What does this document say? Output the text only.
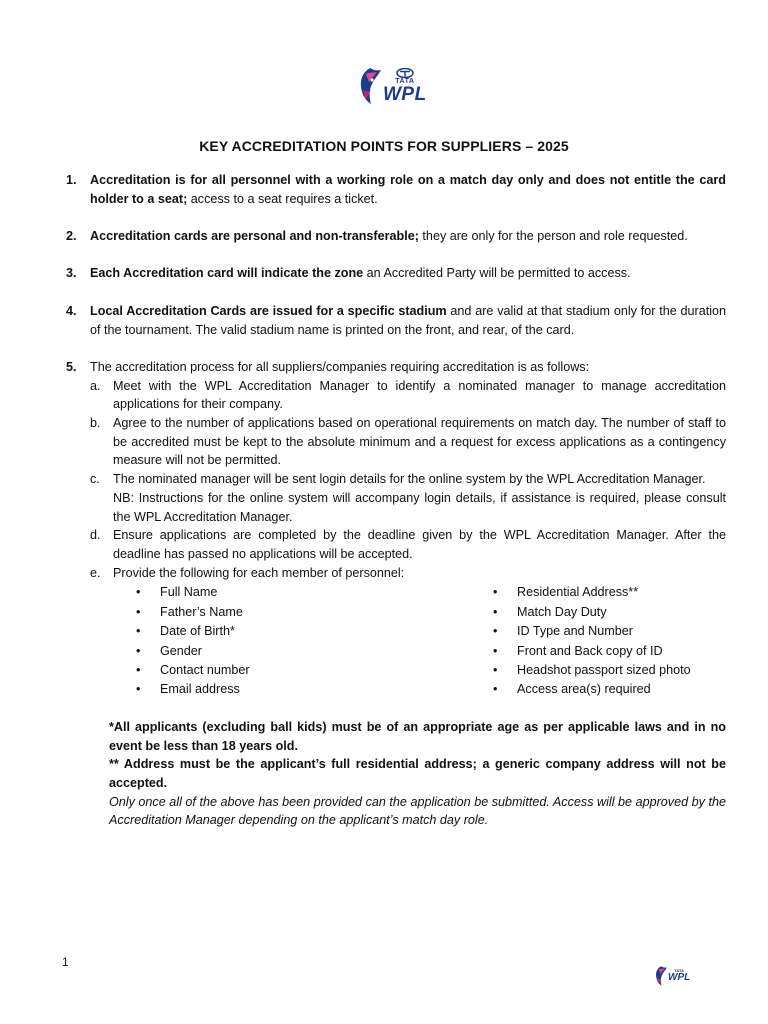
TATA
WPL
KEY ACCREDITATION POINTS FOR SUPPLIERS – 2025
1. Accreditation is for all personnel with a working role on a match day only and does not entitle the card holder to a seat; access to a seat requires a ticket.
2. Accreditation cards are personal and non-transferable; they are only for the person and role requested.
3. Each Accreditation card will indicate the zone an Accredited Party will be permitted to access.
4. Local Accreditation Cards are issued for a specific stadium and are valid at that stadium only for the duration of the tournament. The valid stadium name is printed on the front, and rear, of the card.
5. The accreditation process for all suppliers/companies requiring accreditation is as follows:
a. Meet with the WPL Accreditation Manager to identify a nominated manager to manage accreditation applications for their company.
b. Agree to the number of applications based on operational requirements on match day. The number of staff to be accredited must be kept to the absolute minimum and a request for excess applications as a contingency measure will not be permitted.
c. The nominated manager will be sent login details for the online system by the WPL Accreditation Manager.
NB: Instructions for the online system will accompany login details, if assistance is required, please consult the WPL Accreditation Manager.
d. Ensure applications are completed by the deadline given by the WPL Accreditation Manager. After the deadline has passed no applications will be accepted.
e. Provide the following for each member of personnel:
• Full Name
• Father’s Name
• Date of Birth*
• Gender
• Contact number
• Email address
• Residential Address**
• Match Day Duty
• ID Type and Number
• Front and Back copy of ID
• Headshot passport sized photo
• Access area(s) required
*All applicants (excluding ball kids) must be of an appropriate age as per applicable laws and in no event be less than 18 years old.
** Address must be the applicant’s full residential address; a generic company address will not be accepted.
Only once all of the above has been provided can the application be submitted. Access will be approved by the Accreditation Manager depending on the applicant’s match day role.
1
TATA
WPL
